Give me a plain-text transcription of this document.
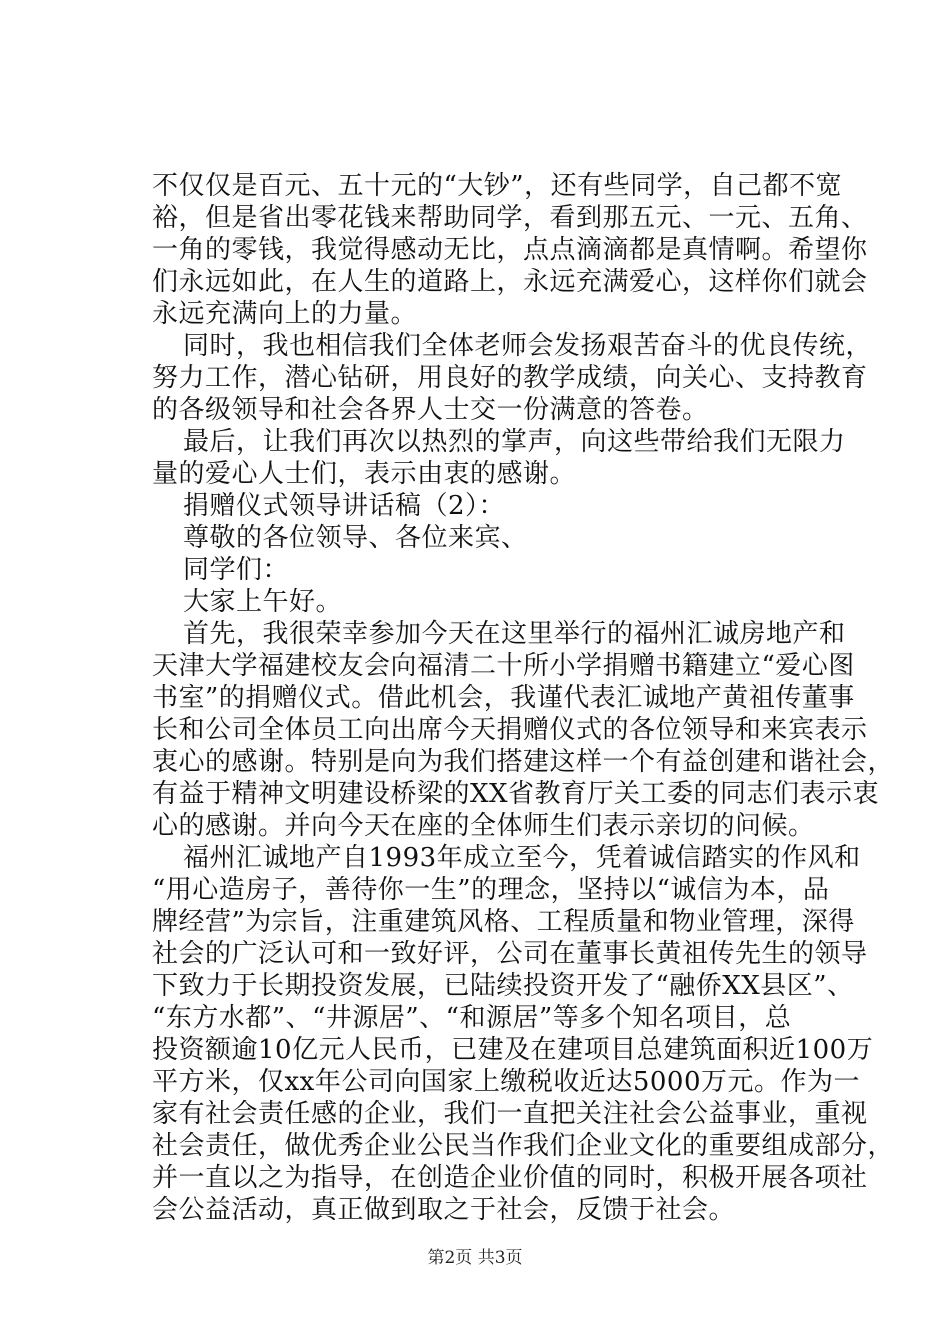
不仅仅是百元、五十元的“大钞”，还有些同学，自己都不宽
裕，但是省出零花钱来帮助同学，看到那五元、一元、五角、
一角的零钱，我觉得感动无比，点点滴滴都是真情啊。希望你
们永远如此，在人生的道路上，永远充满爱心，这样你们就会
永远充满向上的力量。
同时，我也相信我们全体老师会发扬艰苦奋斗的优良传统，
努力工作，潜心钻研，用良好的教学成绩，向关心、支持教育
的各级领导和社会各界人士交一份满意的答卷。
最后，让我们再次以热烈的掌声，向这些带给我们无限力
量的爱心人士们，表示由衷的感谢。
捐赠仪式领导讲话稿（2）：
尊敬的各位领导、各位来宾、
同学们：
大家上午好。
首先，我很荣幸参加今天在这里举行的福州汇诚房地产和
天津大学福建校友会向福清二十所小学捐赠书籍建立“爱心图
书室”的捐赠仪式。借此机会，我谨代表汇诚地产黄祖传董事
长和公司全体员工向出席今天捐赠仪式的各位领导和来宾表示
衷心的感谢。特别是向为我们搭建这样一个有益创建和谐社会，
有益于精神文明建设桥梁的XX省教育厅关工委的同志们表示衷
心的感谢。并向今天在座的全体师生们表示亲切的问候。
福州汇诚地产自1993年成立至今，凭着诚信踏实的作风和
“用心造房子，善待你一生”的理念，坚持以“诚信为本，品
牌经营”为宗旨，注重建筑风格、工程质量和物业管理，深得
社会的广泛认可和一致好评，公司在董事长黄祖传先生的领导
下致力于长期投资发展，已陆续投资开发了“融侨XX县区”、
“东方水都”、“井源居”、“和源居”等多个知名项目，总
投资额逾10亿元人民币，已建及在建项目总建筑面积近100万
平方米，仅xx年公司向国家上缴税收近达5000万元。作为一
家有社会责任感的企业，我们一直把关注社会公益事业，重视
社会责任，做优秀企业公民当作我们企业文化的重要组成部分，
并一直以之为指导，在创造企业价值的同时，积极开展各项社
会公益活动，真正做到取之于社会，反馈于社会。
第2页 共3页
